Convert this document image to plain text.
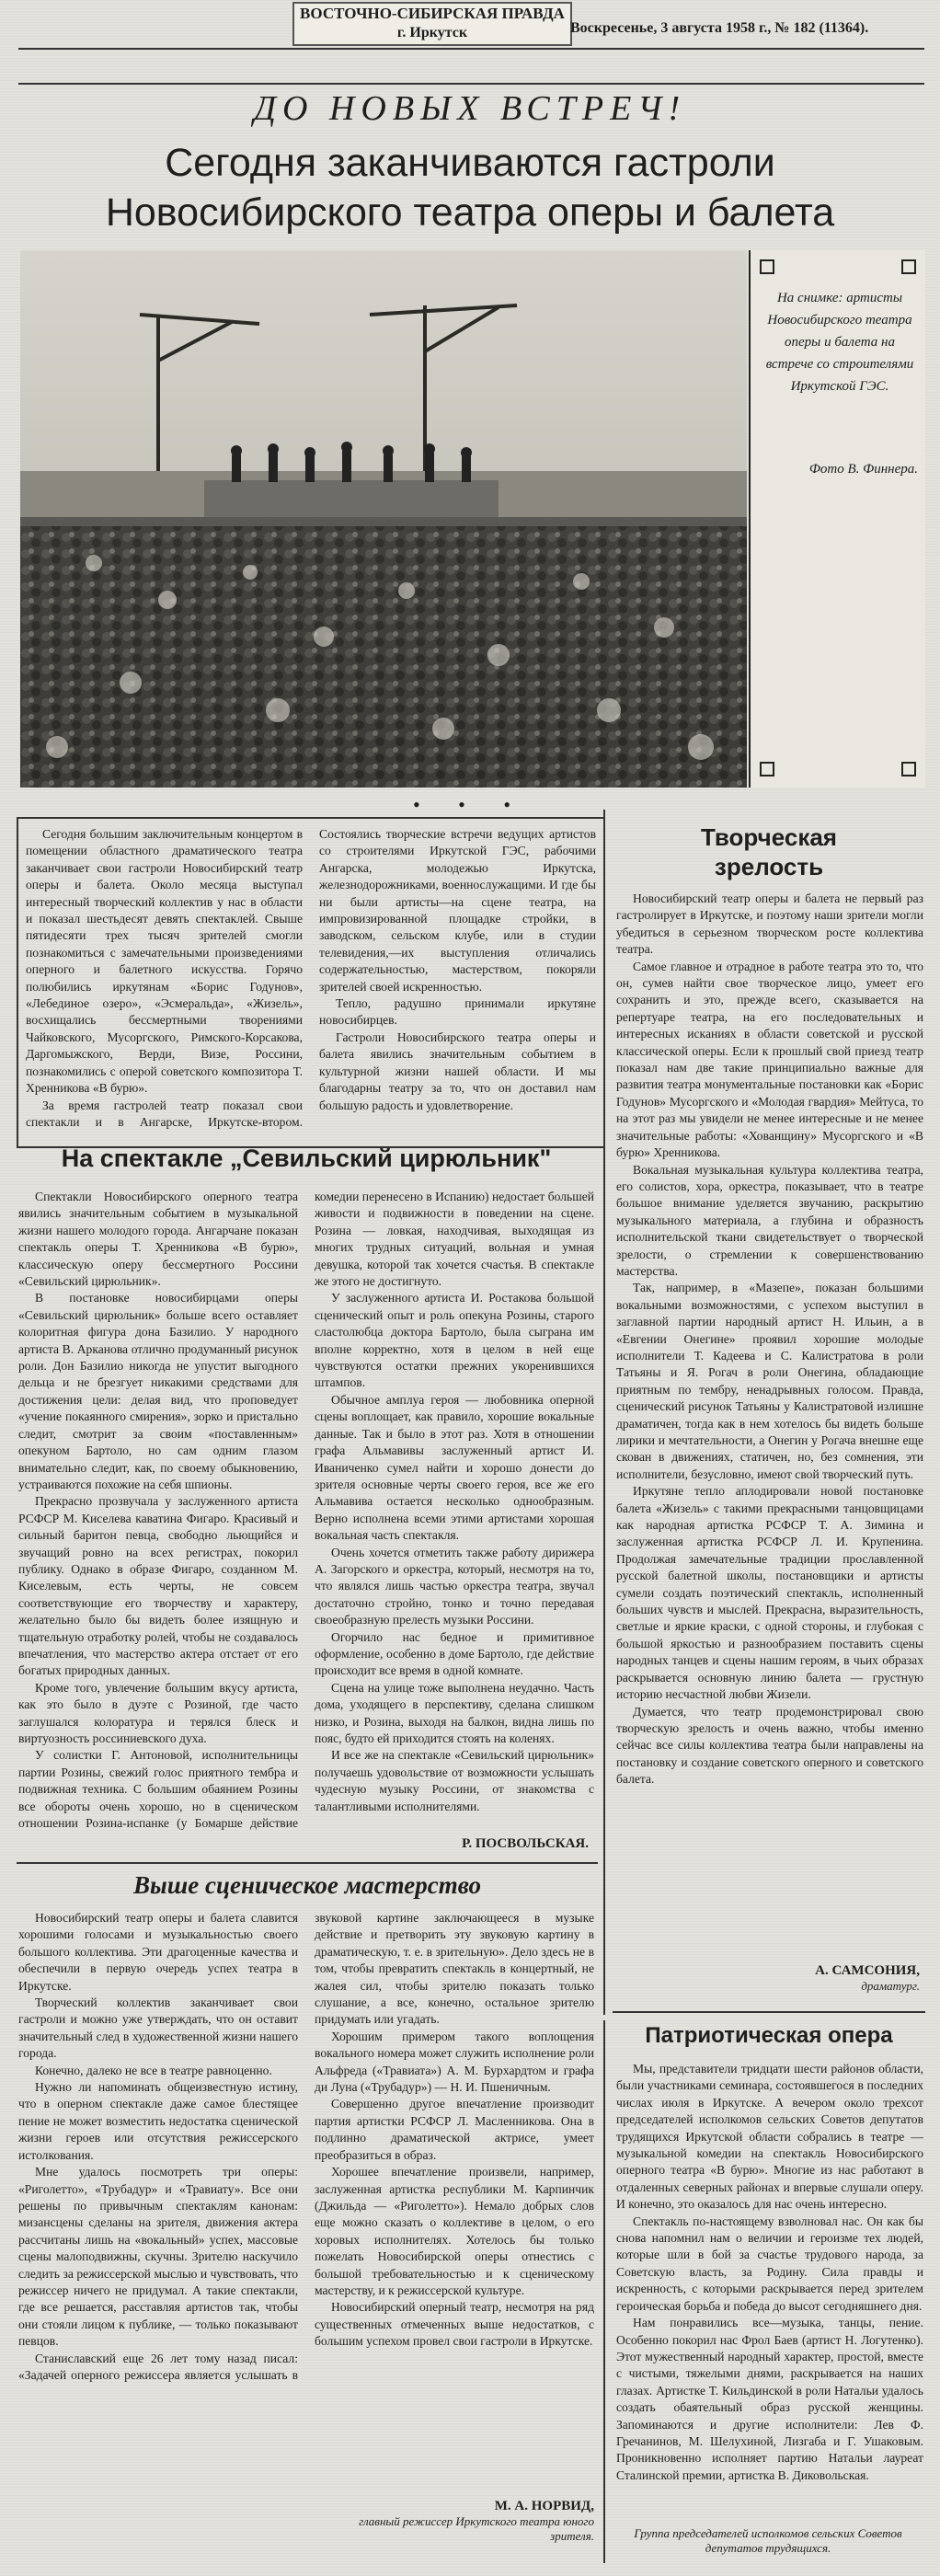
ВОСТОЧНО-СИБИРСКАЯ ПРАВДА
г. Иркутск	Воскресенье, 3 августа 1958 г., № 182 (11364).
ДО НОВЫХ ВСТРЕЧ!
Сегодня заканчиваются гастроли
Новосибирского театра оперы и балета
На снимке: артисты Новосибирского театра оперы и балета на встрече со строителями Иркутской ГЭС.
Фото В. Финнера.
• • •

Сегодня большим заключительным концертом в помещении областного драматического театра заканчивает свои гастроли Новосибирский театр оперы и балета. Около месяца выступал интересный творческий коллектив у нас в области и показал шестьдесят девять спектаклей. Свыше пятидесяти трех тысяч зрителей смогли познакомиться с замечательными произведениями оперного и балетного искусства. Горячо полюбились иркутянам «Борис Годунов», «Лебединое озеро», «Эсмеральда», «Жизель», восхищались бессмертными творениями Чайковского, Мусоргского, Римского-Корсакова, Даргомыжского, Верди, Визе, Россини, познакомились с оперой советского композитора Т. Хренникова «В бурю».

За время гастролей театр показал свои спектакли и в Ангарске, Иркутске-втором. Состоялись творческие встречи ведущих артистов со строителями Иркутской ГЭС, рабочими Ангарска, молодежью Иркутска, железнодорожниками, военнослужащими. И где бы ни были артисты—на сцене театра, на импровизированной площадке стройки, в заводском, сельском клубе, или в студии телевидения,—их выступления отличались содержательностью, мастерством, покоряли зрителей своей искренностью.

Тепло, радушно принимали иркутяне новосибирцев.

Гастроли Новосибирского театра оперы и балета явились значительным событием в культурной жизни нашей области. И мы благодарны театру за то, что он доставил нам большую радость и удовлетворение.

Творческая
зрелость

Новосибирский театр оперы и балета не первый раз гастролирует в Иркутске, и поэтому наши зрители могли убедиться в серьезном творческом росте коллектива театра.

Самое главное и отрадное в работе театра это то, что он, сумев найти свое творческое лицо, умеет его сохранить и это, прежде всего, сказывается на репертуаре театра, на его последовательных и интересных исканиях в области советской и русской классической оперы. Если к прошлый свой приезд театр показал нам две такие принципиально важные для развития театра монументальные постановки как «Борис Годунов» Мусоргского и «Молодая гвардия» Мейтуса, то на этот раз мы увидели не менее интересные и не менее значительные работы: «Хованщину» Мусоргского и «В бурю» Хренникова.

Вокальная музыкальная культура коллектива театра, его солистов, хора, оркестра, показывает, что в театре большое внимание уделяется звучанию, раскрытию музыкального материала, а глубина и образность исполнительской ткани свидетельствует о творческой зрелости, о стремлении к совершенствованию мастерства.

Так, например, в «Мазепе», показан большими вокальными возможностями, с успехом выступил в заглавной партии народный артист Н. Ильин, а в «Евгении Онегине» проявил хорошие молодые исполнители Т. Кадеева и С. Калистратова в роли Татьяны и Я. Рогач в роли Онегина, обладающие приятным по тембру, ненадрывных голосом. Правда, сценический рисунок Татьяны у Калистратовой излишне драматичен, тогда как в нем хотелось бы видеть больше лирики и мечтательности, а Онегин у Рогача внешне еще скован в движениях, статичен, но, без сомнения, эти исполнители, безусловно, имеют свой творческий путь.

Иркутяне тепло аплодировали новой постановке балета «Жизель» с такими прекрасными танцовщицами как народная артистка РСФСР Т. А. Зимина и заслуженная артистка РСФСР Л. И. Крупенина. Продолжая замечательные традиции прославленной русской балетной школы, постановщики и артисты сумели создать поэтический спектакль, исполненный больших чувств и мыслей. Прекрасна, выразительность, светлые и яркие краски, с одной стороны, и глубокая с большой яркостью и разнообразием поставить сцены народных танцев и сцены нашим героям, в чьих образах раскрывается основную линию балета — грустную историю несчастной любви Жизели.

Думается, что театр продемонстрировал свою творческую зрелость и очень важно, чтобы именно сейчас все силы коллектива театра были направлены на постановку и создание советского оперного и советского балета.

А. САМСОНИЯ,
драматург.
На спектакле „Севильский цирюльник"

Спектакли Новосибирского оперного театра явились значительным событием в музыкальной жизни нашего молодого города. Ангарчане показан спектакль оперы Т. Хренникова «В бурю», классическую оперу бессмертного Россини «Севильский цирюльник».

В постановке новосибирцами оперы «Севильский цирюльник» больше всего оставляет колоритная фигура дона Базилио. У народного артиста В. Арканова отлично продуманный рисунок роли. Дон Базилио никогда не упустит выгодного дельца и не брезгует никакими средствами для достижения цели: делая вид, что проповедует «учение покаянного смирения», зорко и пристально следит, смотрит за своим «поставленным» опекуном Бартоло, но сам одним глазом внимательно следит, как, по своему обыкновению, устраиваются похожие на себя шпионы.

Прекрасно прозвучала у заслуженного артиста РСФСР М. Киселева каватина Фигаро. Красивый и сильный баритон певца, свободно льющийся и звучащий ровно на всех регистрах, покорил публику. Однако в образе Фигаро, созданном М. Киселевым, есть черты, не совсем соответствующие его творчеству и характеру, желательно было бы видеть более изящную и тщательную отработку ролей, чтобы не создавалось впечатления, что мастерство актера отстает от его богатых природных данных.

Кроме того, увлечение большим вкусу артиста, как это было в дуэте с Розиной, где часто заглушался колоратура и терялся блеск и виртуозность россиниевского духа.

У солистки Г. Антоновой, исполнительницы партии Розины, свежий голос приятного тембра и подвижная техника. С большим обаянием Розины все обороты очень хорошо, но в сценическом отношении Розина-испанке (у Бомарше действие комедии перенесено в Испанию) недостает большей живости и подвижности в поведении на сцене. Розина — ловкая, находчивая, выходящая из многих трудных ситуаций, вольная и умная девушка, которой так хочется счастья. В спектакле же этого не достигнуто.

У заслуженного артиста И. Ростакова большой сценический опыт и роль опекуна Розины, старого сластолюбца доктора Бартоло, была сыграна им вполне корректно, хотя в целом в ней еще чувствуются остатки прежних укоренившихся штампов.

Обычное амплуа героя — любовника оперной сцены воплощает, как правило, хорошие вокальные данные. Так и было в этот раз. Хотя в отношении графа Альмавивы заслуженный артист И. Иваниченко сумел найти и хорошо донести до зрителя основные черты своего героя, все же его Альмавива остается несколько однообразным. Верно исполнена всеми этими артистами хорошая вокальная часть спектакля.

Очень хочется отметить также работу дирижера А. Загорского и оркестра, который, несмотря на то, что являлся лишь частью оркестра театра, звучал достаточно стройно, тонко и точно передавая своеобразную прелесть музыки Россини.

Огорчило нас бедное и примитивное оформление, особенно в доме Бартоло, где действие происходит все время в одной комнате.

Сцена на улице тоже выполнена неудачно. Часть дома, уходящего в перспективу, сделана слишком низко, и Розина, выходя на балкон, видна лишь по пояс, будто ей приходится стоять на коленях.

И все же на спектакле «Севильский цирюльник» получаешь удовольствие от возможности услышать чудесную музыку Россини, от знакомства с талантливыми исполнителями.

Р. ПОСВОЛЬСКАЯ.
Выше сценическое мастерство

Новосибирский театр оперы и балета славится хорошими голосами и музыкальностью своего большого коллектива. Эти драгоценные качества и обеспечили в первую очередь успех театра в Иркутске.

Творческий коллектив заканчивает свои гастроли и можно уже утверждать, что он оставит значительный след в художественной жизни нашего города.

Конечно, далеко не все в театре равноценно.

Нужно ли напоминать общеизвестную истину, что в оперном спектакле даже самое блестящее пение не может возместить недостатка сценической жизни героев или отсутствия режиссерского истолкования.

Мне удалось посмотреть три оперы: «Риголетто», «Трубадур» и «Травиату». Все они решены по привычным спектаклям канонам: мизансцены сделаны на зрителя, движения актера рассчитаны лишь на «вокальный» успех, массовые сцены малоподвижны, скучны. Зрителю наскучило следить за режиссерской мыслью и чувствовать, что режиссер ничего не придумал. А такие спектакли, где все решается, расставляя артистов так, чтобы они стояли лицом к публике, — только показывают певцов.

Станиславский еще 26 лет тому назад писал: «Задачей оперного режиссера является услышать в звуковой картине заключающееся в музыке действие и претворить эту звуковую картину в драматическую, т. е. в зрительную». Дело здесь не в том, чтобы превратить спектакль в концертный, не жалея сил, чтобы зрителю показать только слушание, а все, конечно, остальное зрителю придумать или угадать.

Хорошим примером такого воплощения вокального номера может служить исполнение роли Альфреда («Травиата») А. М. Бурхардтом и графа ди Луна («Трубадур») — Н. И. Пшеничным.

Совершенно другое впечатление производит партия артистки РСФСР Л. Масленникова. Она в подлинно драматической актрисе, умеет преобразиться в образ.

Хорошее впечатление произвели, например, заслуженная артистка республики М. Карпинчик (Джильда — «Риголетто»). Немало добрых слов еще можно сказать о коллективе в целом, о его хоровых исполнителях. Хотелось бы только пожелать Новосибирской оперы отнестись с большой требовательностью и к сценическому мастерству, и к режиссерской культуре.

Новосибирский оперный театр, несмотря на ряд существенных отмеченных выше недостатков, с большим успехом провел свои гастроли в Иркутске.

М. А. НОРВИД,
главный режиссер Иркутского театра юного зрителя.
Патриотическая опера

Мы, представители тридцати шести районов области, были участниками семинара, состоявшегося в последних числах июля в Иркутске. А вечером около трехсот председателей исполкомов сельских Советов депутатов трудящихся Иркутской области собрались в театре — музыкальной комедии на спектакль Новосибирского оперного театра «В бурю». Многие из нас работают в отдаленных северных районах и впервые слушали оперу. И конечно, это оказалось для нас очень интересно.

Спектакль по-настоящему взволновал нас. Он как бы снова напомнил нам о величии и героизме тех людей, которые шли в бой за счастье трудового народа, за Советскую власть, за Родину. Сила правды и искренность, с которыми раскрывается перед зрителем героическая борьба и победа до высот сегодняшнего дня.

Нам понравились все—музыка, танцы, пение. Особенно покорил нас Фрол Баев (артист Н. Логутенко). Этот мужественный народный характер, простой, вместе с чистыми, тяжелыми днями, раскрывается на наших глазах. Артистке Т. Кильдинской в роли Натальи удалось создать обаятельный образ русской женщины. Запоминаются и другие исполнители: Лев Ф. Гречанинов, М. Шелухиной, Лизгаба и Г. Ушаковым. Проникновенно исполняет партию Натальи лауреат Сталинской премии, артистка В. Диковольская.

Группа председателей исполкомов сельских Советов депутатов трудящихся.
